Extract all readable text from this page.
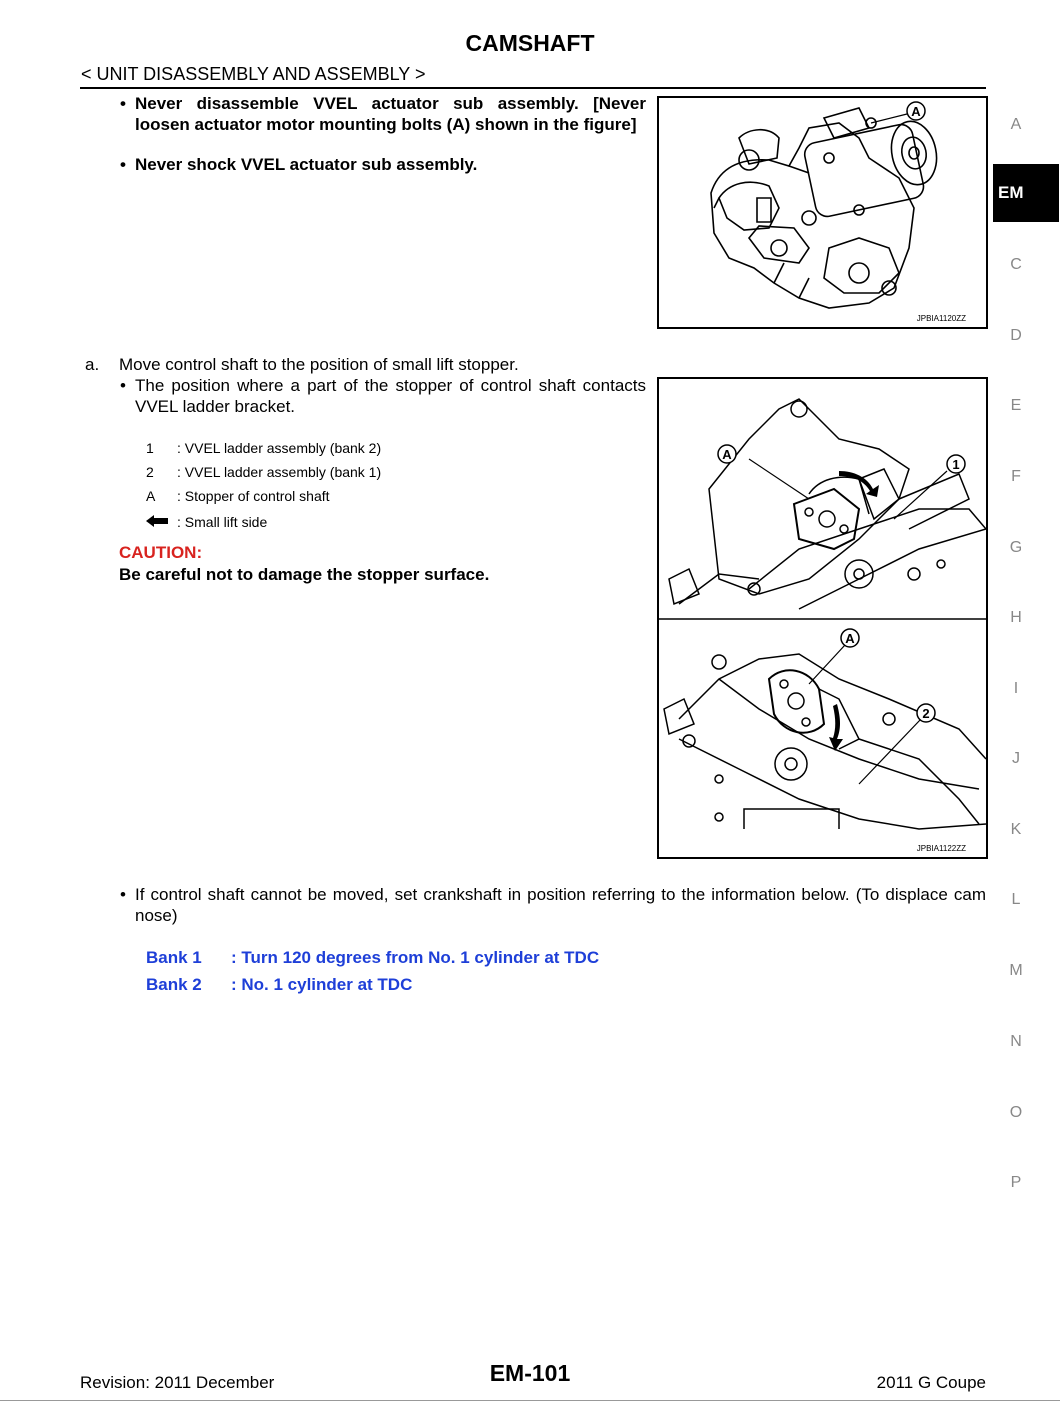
CAMSHAFT
< UNIT DISASSEMBLY AND ASSEMBLY >
• Never disassemble VVEL actuator sub assembly. [Never loosen actuator motor mounting bolts (A) shown in the figure]
• Never shock VVEL actuator sub assembly.
A
JPBIA1120ZZ
a. Move control shaft to the position of small lift stopper.
• The position where a part of the stopper of control shaft contacts VVEL ladder bracket.
1 : VVEL ladder assembly (bank 2)
2 : VVEL ladder assembly (bank 1)
A : Stopper of control shaft
: Small lift side
CAUTION:
Be careful not to damage the stopper surface.
A
1
A
2
JPBIA1122ZZ
• If control shaft cannot be moved, set crankshaft in position referring to the information below. (To displace cam nose)
Bank 1 : Turn 120 degrees from No. 1 cylinder at TDC
Bank 2 : No. 1 cylinder at TDC
A
EM
C
D
E
F
G
H
I
J
K
L
M
N
O
P
Revision: 2011 December	EM-101	2011 G Coupe
